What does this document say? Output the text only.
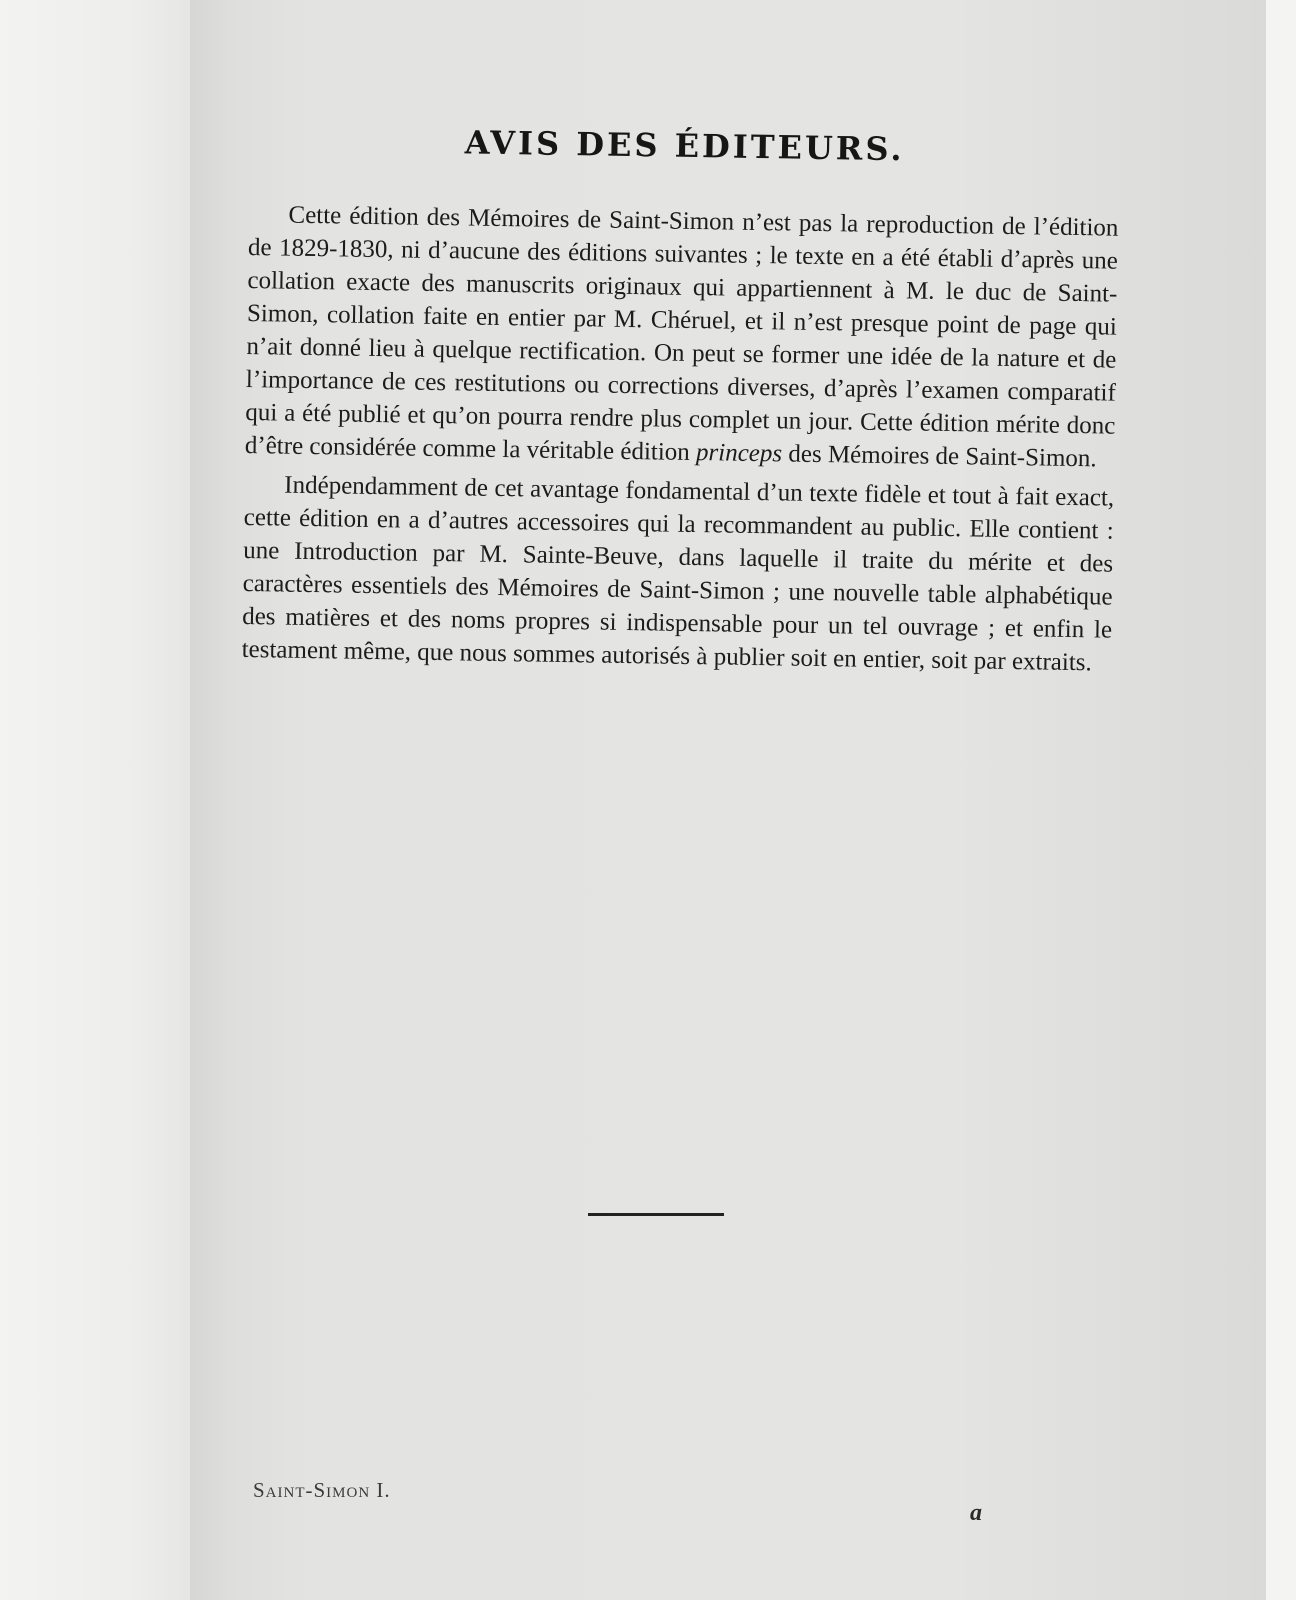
AVIS DES ÉDITEURS.

Cette édition des Mémoires de Saint-Simon n’est pas la reproduction de l’édition de 1829-1830, ni d’aucune des éditions suivantes ; le texte en a été établi d’après une collation exacte des manuscrits originaux qui appartiennent à M. le duc de Saint-Simon, collation faite en entier par M. Chéruel, et il n’est presque point de page qui n’ait donné lieu à quelque rectification. On peut se former une idée de la nature et de l’importance de ces restitutions ou corrections diverses, d’après l’examen comparatif qui a été publié et qu’on pourra rendre plus complet un jour. Cette édition mérite donc d’être considérée comme la véritable édition princeps des Mémoires de Saint-Simon.

Indépendamment de cet avantage fondamental d’un texte fidèle et tout à fait exact, cette édition en a d’autres accessoires qui la recommandent au public. Elle contient : une Introduction par M. Sainte-Beuve, dans laquelle il traite du mérite et des caractères essentiels des Mémoires de Saint-Simon ; une nouvelle table alphabétique des matières et des noms propres si indispensable pour un tel ouvrage ; et enfin le testament même, que nous sommes autorisés à publier soit en entier, soit par extraits.

Saint-Simon I.
a
